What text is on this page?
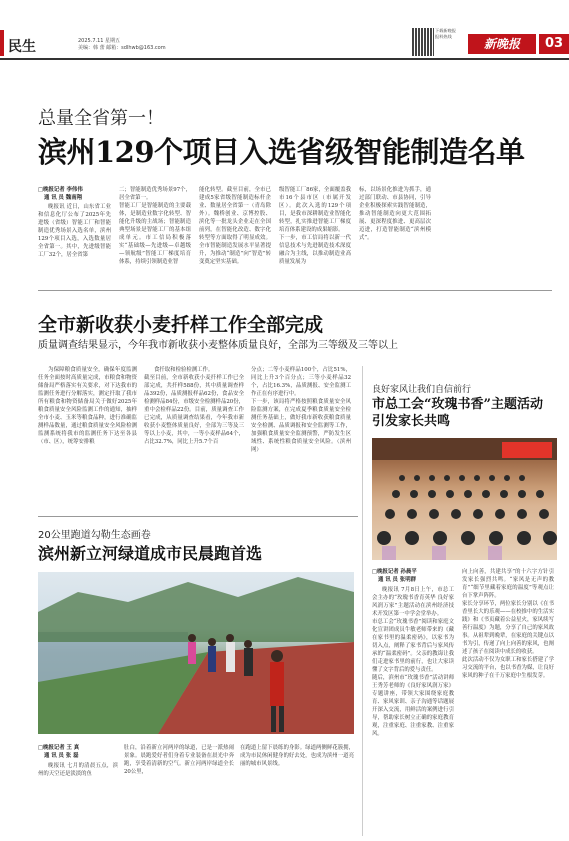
民生	2025.7.11 星期五
美编：韩 蕾 邮箱：sdlhwb@163.com
下载新晚报
报料热线
新晚报	03
总量全省第一！
滨州129个项目入选省级智能制造名单
□晚报记者 李伟伟
通 讯 员 魏南翔
晚报讯 近日，山东省工业和信息化厅公布了2025年先进级（省级）智能工厂和智能制造优秀场景入选名单，滨州129个项目入选，入选数量居全省第一。其中，先进级智能工厂32个，居全省第
二；智能制造优秀场景97个，居全省第一。
智能工厂是智能制造的主要载体，是制造业数字化转型、智能化升级的主战场；智能制造典型场景是智能工厂的基本组成单元。市工信局积极落实“基础级—先进级—卓越级—领航级”智能工厂梯度培育体系，持续引领制造业智
能化转型。截至目前，全市已建成5家省级智能制造标杆企业、数量居全省第一（青岛除外）。魏桥创业、京博控股、滨化等一批龙头企业走在全国前列，在智能化改造、数字化转型等方面取得了明显成效。全市智能制造发展水平显著提升，为推动“制造”向“智造”转变奠定坚实基础。
级智能工厂86家，全面覆盖我市16个县市区（市属开发区）。此次入选的129个项目，是我市深耕制造业智能化转型，扎实推进智能工厂梯度培育体系建设的成果缩影。
下一步，市工信局将以新一代信息技术与先进制造技术深度融合为主线，以推动制造业高质量发展为
标，以场景化推进为抓手，通过部门联动、市县协同，引导企业积极探索实践智能制造，推动智能制造向更大范围拓展、更深程度推进、更高层次迈进，打造智能制造“滨州模式”。
全市新收获小麦扦样工作全部完成
质量调查结果显示，今年我市新收获小麦整体质量良好，全部为三等级及三等以上
为保障粮食质量安全，确保年度监测任务全面按时高质量完成，市粮食和物资储备局严格落实有关要求，对下达我市的监测任务进行分解落实，测定扦取了我市所有粮食和物资储备局关于做好2025年粮食质量安全风险监测工作的通知，抽样全市小麦、玉米等粮食品种，进行准确监测样品数量，通过粮食质量安全风险检测监测系统将我市的监测任务下达至各县（市、区），统筹安排粮
食扦取和检验检测工作。
截至目前，全市新收获小麦扦样工作已全部完成，共扦样588份，其中质量调查样品392份，品质测报样品62份，食品安全检测样品84份，市级安全检测样品20份，重中会检样品22份。目前，质量调查工作已完成，从质量调查结果看，今年我市新收获小麦整体质量良好，全部为三等及三等以上小麦，其中，一等小麦样品64个，占比32.7%，同比上升5.7个百
分点；二等小麦样品100个，占比51%，同比上升3个百分点；三等小麦样品32个，占比16.3%，品质测报、安全监测工作正在有序进行中。
下一步，该局将严格按照粮食质量安全风险监测方案，在完成夏季粮食质量安全检测任务基础上，做好我市新收获粮食质量安全检测、品质调报和安全监测等工作，加强粮食质量安全监测预警，严防发生区域性、系统性粮食质量安全风险。（滨州网）
良好家风让我们自信前行
市总工会“玫瑰书香”主题活动引发家长共鸣
□晚报记者 孙晨平
通 讯 员 张明群
晚报讯 7月8日上午，市总工会主办的“玫瑰书香育英华 良好家风润万家”主题活动在滨州经济技术开发区第一中学会堂举办。
市总工会“玫瑰书香”阅读和家庭文化宣讲团成员牛敏老师带来的《藏在家书里的温柔密码》，以家书为切入点，阐释了家书背后与家风传承的“温柔密码”。父亲的教诲让我们走进家书里的前行，也让大家读懂了文字背后的爱与责任。
随后，滨州市“玫瑰书香”活动讲师王秀芳老师的《良好家风润万家》专题讲座，带领大家围绕家庭教育、家风家训、亲子沟通等话题展开深入交流，用鲜活的案例进行引导，帮助家长树立正确的家庭教育观，注重家庭、注重家教、注重家风。
向上向善，共建共享”的十六字方针引发家长强烈共鸣。“家风是无声的教育”“细节里藏着家庭的温度”等观点让台下掌声阵阵。
家长分享环节，两位家长分别以《在书香里长大的乐观——在校推中的生活实践》和《书页藏着公益星火，家风续写善行温度》为题，分享了自己的家风故事。从祖辈到晚辈，在家庭的关键点以书为引，传递了向上向善的家风，也阐述了孩子在阅读中成长的收获。
此次活动不仅为女职工和家长搭建了学习交流的平台，也以书香为媒，让良好家风的种子在千万家庭中生根发芽。
20公里跑道勾勒生态画卷
滨州新立河绿道成市民晨跑首选
□晚报记者 王 真
通 讯 员 张 磊
晚报讯 七月的清晨五点，滨州的天空还是淡淡的鱼
肚白，沿着新立河两岸的绿道，已是一派热闹景象。晨跑爱好者们身着专业装备在晨光中奔跑，享受着清新的空气。新立河两岸绿道全长20公里，
在跑道上留下晨练的身影。绿道两侧鲜花簇拥，成为市民休闲健身的好去处，也成为滨州一道亮丽的城市风景线。
